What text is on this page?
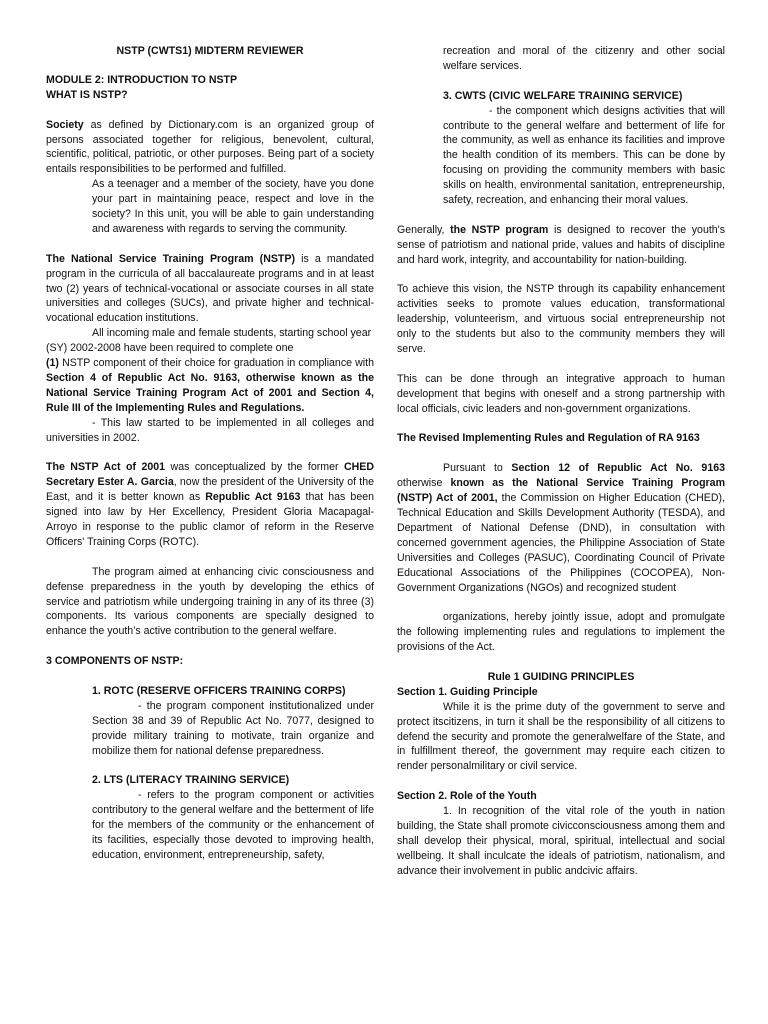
NSTP (CWTS1) MIDTERM REVIEWER

MODULE 2: INTRODUCTION TO NSTP

WHAT IS NSTP?

Society as defined by Dictionary.com is an organized group of persons associated together for religious, benevolent, cultural, scientific, political, patriotic, or other purposes. Being part of a society entails responsibilities to be performed and fulfilled.

As a teenager and a member of the society, have you done your part in maintaining peace, respect and love in the society? In this unit, you will be able to gain understanding and awareness with regards to serving the community.

The National Service Training Program (NSTP) is a mandated program in the curricula of all baccalaureate programs and in at least two (2) years of technical-vocational or associate courses in all state universities and colleges (SUCs), and private higher and technical-vocational education institutions.

All incoming male and female students, starting school year (SY) 2002-2008 have been required to complete one

(1) NSTP component of their choice for graduation in compliance with Section 4 of Republic Act No. 9163, otherwise known as the National Service Training Program Act of 2001 and Section 4, Rule III of the Implementing Rules and Regulations.

- This law started to be implemented in all colleges and universities in 2002.

The NSTP Act of 2001 was conceptualized by the former CHED Secretary Ester A. Garcia, now the president of the University of the East, and it is better known as Republic Act 9163 that has been signed into law by Her Excellency, President Gloria Macapagal-Arroyo in response to the public clamor of reform in the Reserve Officers' Training Corps (ROTC).

The program aimed at enhancing civic consciousness and defense preparedness in the youth by developing the ethics of service and patriotism while undergoing training in any of its three (3) components. Its various components are specially designed to enhance the youth’s active contribution to the general welfare.

3 COMPONENTS OF NSTP:

1. ROTC (RESERVE OFFICERS TRAINING CORPS)

- the program component institutionalized under Section 38 and 39 of Republic Act No. 7077, designed to provide military training to motivate, train organize and mobilize them for national defense preparedness.

2. LTS (LITERACY TRAINING SERVICE)

- refers to the program component or activities contributory to the general welfare and the betterment of life for the members of the community or the enhancement of its facilities, especially those devoted to improving health, education, environment, entrepreneurship, safety,

recreation and moral of the citizenry and other social welfare services.

3. CWTS (CIVIC WELFARE TRAINING SERVICE)

- the component which designs activities that will contribute to the general welfare and betterment of life for the community, as well as enhance its facilities and improve the health condition of its members. This can be done by focusing on providing the community members with basic skills on health, environmental sanitation, entrepreneurship, safety, recreation, and enhancing their moral values.

Generally, the NSTP program is designed to recover the youth's sense of patriotism and national pride, values and habits of discipline and hard work, integrity, and accountability for nation-building.

To achieve this vision, the NSTP through its capability enhancement activities seeks to promote values education, transformational leadership, volunteerism, and virtuous social entrepreneurship not only to the students but also to the community members they will serve.

This can be done through an integrative approach to human development that begins with oneself and a strong partnership with local officials, civic leaders and non-government organizations.

The Revised Implementing Rules and Regulation of RA 9163

Pursuant to Section 12 of Republic Act No. 9163 otherwise known as the National Service Training Program (NSTP) Act of 2001, the Commission on Higher Education (CHED), Technical Education and Skills Development Authority (TESDA), and Department of National Defense (DND), in consultation with concerned government agencies, the Philippine Association of State Universities and Colleges (PASUC), Coordinating Council of Private Educational Associations of the Philippines (COCOPEA), Non-Government Organizations (NGOs) and recognized student

organizations, hereby jointly issue, adopt and promulgate the following implementing rules and regulations to implement the provisions of the Act.

Rule 1 GUIDING PRINCIPLES

Section 1. Guiding Principle

While it is the prime duty of the government to serve and protect itscitizens, in turn it shall be the responsibility of all citizens to defend the security and promote the generalwelfare of the State, and in fulfillment thereof, the government may require each citizen to render personalmilitary or civil service.

Section 2. Role of the Youth

1. In recognition of the vital role of the youth in nation building, the State shall promote civicconsciousness among them and shall develop their physical, moral, spiritual, intellectual and social wellbeing. It shall inculcate the ideals of patriotism, nationalism, and advance their involvement in public andcivic affairs.
